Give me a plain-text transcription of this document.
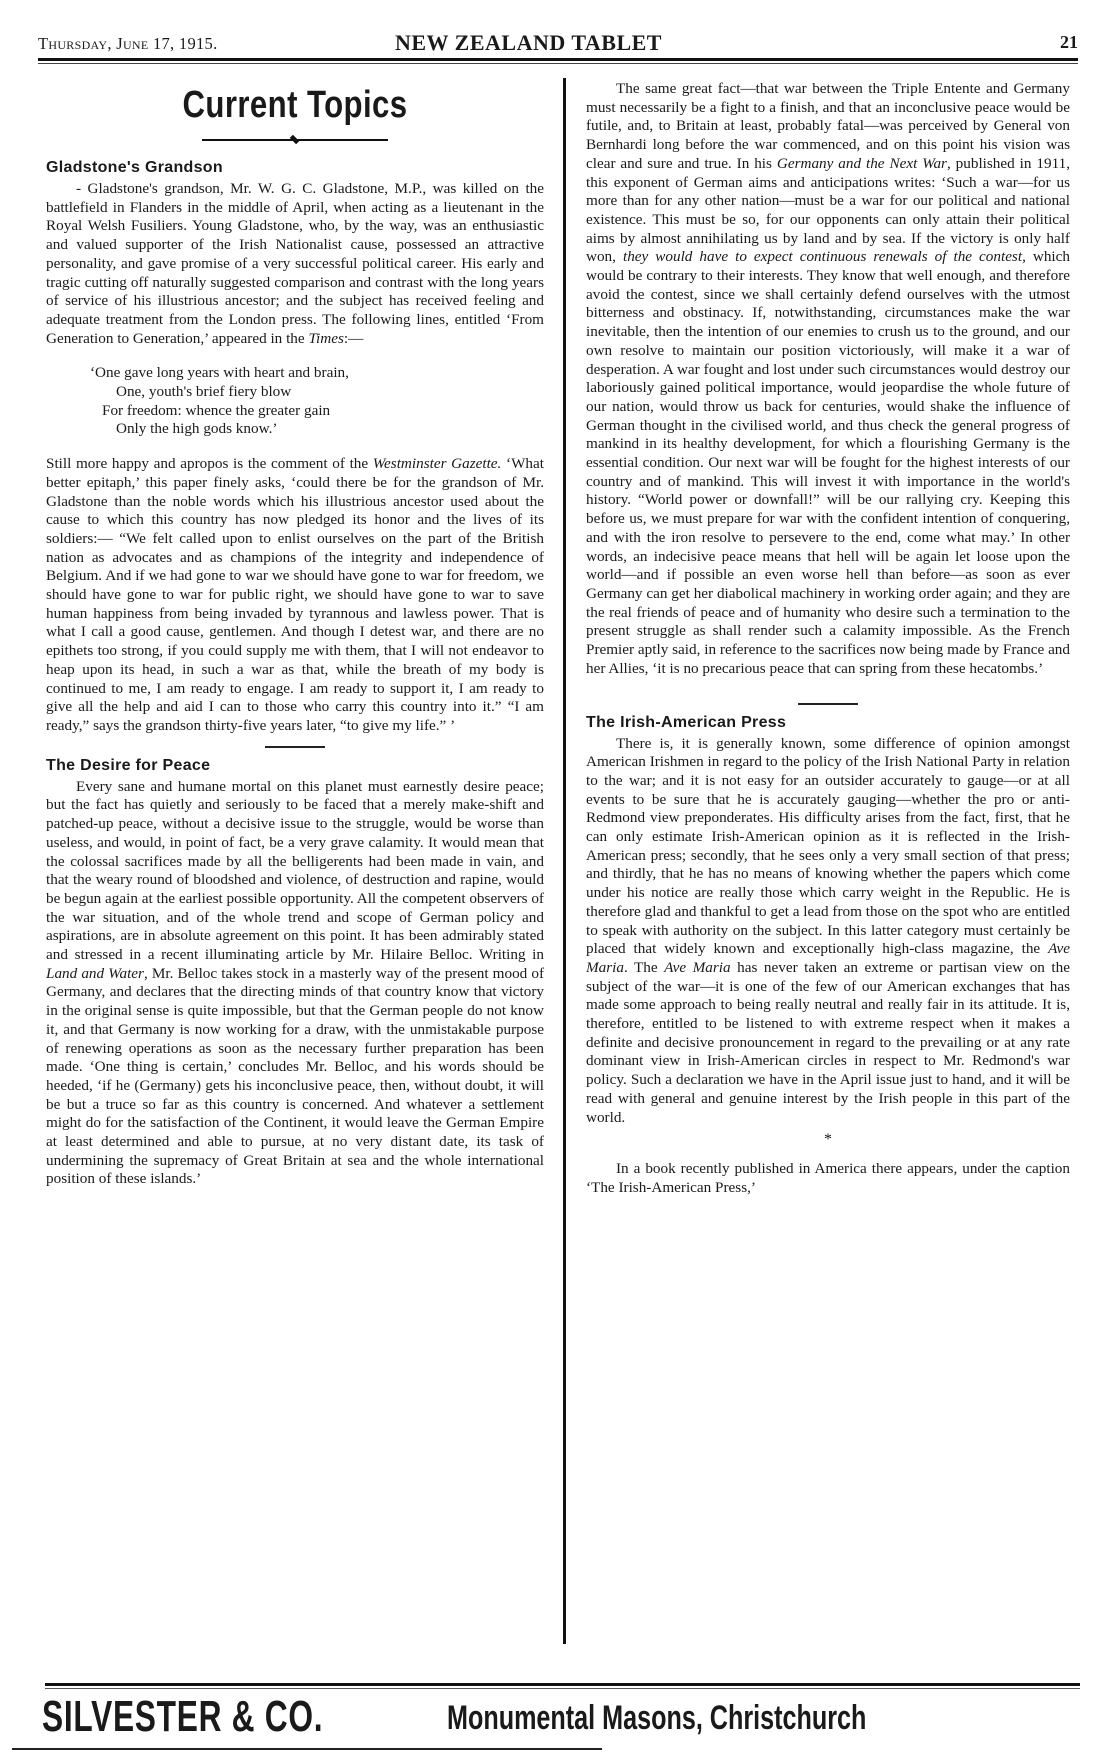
Thursday, June 17, 1915.	NEW ZEALAND TABLET	21
Current Topics
Gladstone's Grandson

- Gladstone's grandson, Mr. W. G. C. Gladstone, M.P., was killed on the battlefield in Flanders in the middle of April, when acting as a lieutenant in the Royal Welsh Fusiliers. Young Gladstone, who, by the way, was an enthusiastic and valued supporter of the Irish Nationalist cause, possessed an attractive personality, and gave promise of a very successful political career. His early and tragic cutting off naturally suggested comparison and contrast with the long years of service of his illustrious ancestor; and the subject has received feeling and adequate treatment from the London press. The following lines, entitled ‘From Generation to Generation,’ appeared in the Times:—

‘One gave long years with heart and brain,
One, youth's brief fiery blow
For freedom: whence the greater gain
Only the high gods know.’

Still more happy and apropos is the comment of the Westminster Gazette. ‘What better epitaph,’ this paper finely asks, ‘could there be for the grandson of Mr. Gladstone than the noble words which his illustrious ancestor used about the cause to which this country has now pledged its honor and the lives of its soldiers:— “We felt called upon to enlist ourselves on the part of the British nation as advocates and as champions of the integrity and independence of Belgium. And if we had gone to war we should have gone to war for freedom, we should have gone to war for public right, we should have gone to war to save human happiness from being invaded by tyrannous and lawless power. That is what I call a good cause, gentlemen. And though I detest war, and there are no epithets too strong, if you could supply me with them, that I will not endeavor to heap upon its head, in such a war as that, while the breath of my body is continued to me, I am ready to engage. I am ready to support it, I am ready to give all the help and aid I can to those who carry this country into it.” “I am ready,” says the grandson thirty-five years later, “to give my life.” ’

The Desire for Peace

Every sane and humane mortal on this planet must earnestly desire peace; but the fact has quietly and seriously to be faced that a merely make-shift and patched-up peace, without a decisive issue to the struggle, would be worse than useless, and would, in point of fact, be a very grave calamity. It would mean that the colossal sacrifices made by all the belligerents had been made in vain, and that the weary round of bloodshed and violence, of destruction and rapine, would be begun again at the earliest possible opportunity. All the competent observers of the war situation, and of the whole trend and scope of German policy and aspirations, are in absolute agreement on this point. It has been admirably stated and stressed in a recent illuminating article by Mr. Hilaire Belloc. Writing in Land and Water, Mr. Belloc takes stock in a masterly way of the present mood of Germany, and declares that the directing minds of that country know that victory in the original sense is quite impossible, but that the German people do not know it, and that Germany is now working for a draw, with the unmistakable purpose of renewing operations as soon as the necessary further preparation has been made. ‘One thing is certain,’ concludes Mr. Belloc, and his words should be heeded, ‘if he (Germany) gets his inconclusive peace, then, without doubt, it will be but a truce so far as this country is concerned. And whatever a settlement might do for the satisfaction of the Continent, it would leave the German Empire at least determined and able to pursue, at no very distant date, its task of undermining the supremacy of Great Britain at sea and the whole international position of these islands.’

The same great fact—that war between the Triple Entente and Germany must necessarily be a fight to a finish, and that an inconclusive peace would be futile, and, to Britain at least, probably fatal—was perceived by General von Bernhardi long before the war commenced, and on this point his vision was clear and sure and true. In his Germany and the Next War, published in 1911, this exponent of German aims and anticipations writes: ‘Such a war—for us more than for any other nation—must be a war for our political and national existence. This must be so, for our opponents can only attain their political aims by almost annihilating us by land and by sea. If the victory is only half won, they would have to expect continuous renewals of the contest, which would be contrary to their interests. They know that well enough, and therefore avoid the contest, since we shall certainly defend ourselves with the utmost bitterness and obstinacy. If, notwithstanding, circumstances make the war inevitable, then the intention of our enemies to crush us to the ground, and our own resolve to maintain our position victoriously, will make it a war of desperation. A war fought and lost under such circumstances would destroy our laboriously gained political importance, would jeopardise the whole future of our nation, would throw us back for centuries, would shake the influence of German thought in the civilised world, and thus check the general progress of mankind in its healthy development, for which a flourishing Germany is the essential condition. Our next war will be fought for the highest interests of our country and of mankind. This will invest it with importance in the world's history. “World power or downfall!” will be our rallying cry. Keeping this before us, we must prepare for war with the confident intention of conquering, and with the iron resolve to persevere to the end, come what may.’ In other words, an indecisive peace means that hell will be again let loose upon the world—and if possible an even worse hell than before—as soon as ever Germany can get her diabolical machinery in working order again; and they are the real friends of peace and of humanity who desire such a termination to the present struggle as shall render such a calamity impossible. As the French Premier aptly said, in reference to the sacrifices now being made by France and her Allies, ‘it is no precarious peace that can spring from these hecatombs.’

The Irish-American Press

There is, it is generally known, some difference of opinion amongst American Irishmen in regard to the policy of the Irish National Party in relation to the war; and it is not easy for an outsider accurately to gauge—or at all events to be sure that he is accurately gauging—whether the pro or anti-Redmond view preponderates. His difficulty arises from the fact, first, that he can only estimate Irish-American opinion as it is reflected in the Irish-American press; secondly, that he sees only a very small section of that press; and thirdly, that he has no means of knowing whether the papers which come under his notice are really those which carry weight in the Republic. He is therefore glad and thankful to get a lead from those on the spot who are entitled to speak with authority on the subject. In this latter category must certainly be placed that widely known and exceptionally high-class magazine, the Ave Maria. The Ave Maria has never taken an extreme or partisan view on the subject of the war—it is one of the few of our American exchanges that has made some approach to being really neutral and really fair in its attitude. It is, therefore, entitled to be listened to with extreme respect when it makes a definite and decisive pronouncement in regard to the prevailing or at any rate dominant view in Irish-American circles in respect to Mr. Redmond's war policy. Such a declaration we have in the April issue just to hand, and it will be read with general and genuine interest by the Irish people in this part of the world.

*

In a book recently published in America there appears, under the caption ‘The Irish-American Press,’

SILVESTER & CO.	Monumental Masons, Christchurch
